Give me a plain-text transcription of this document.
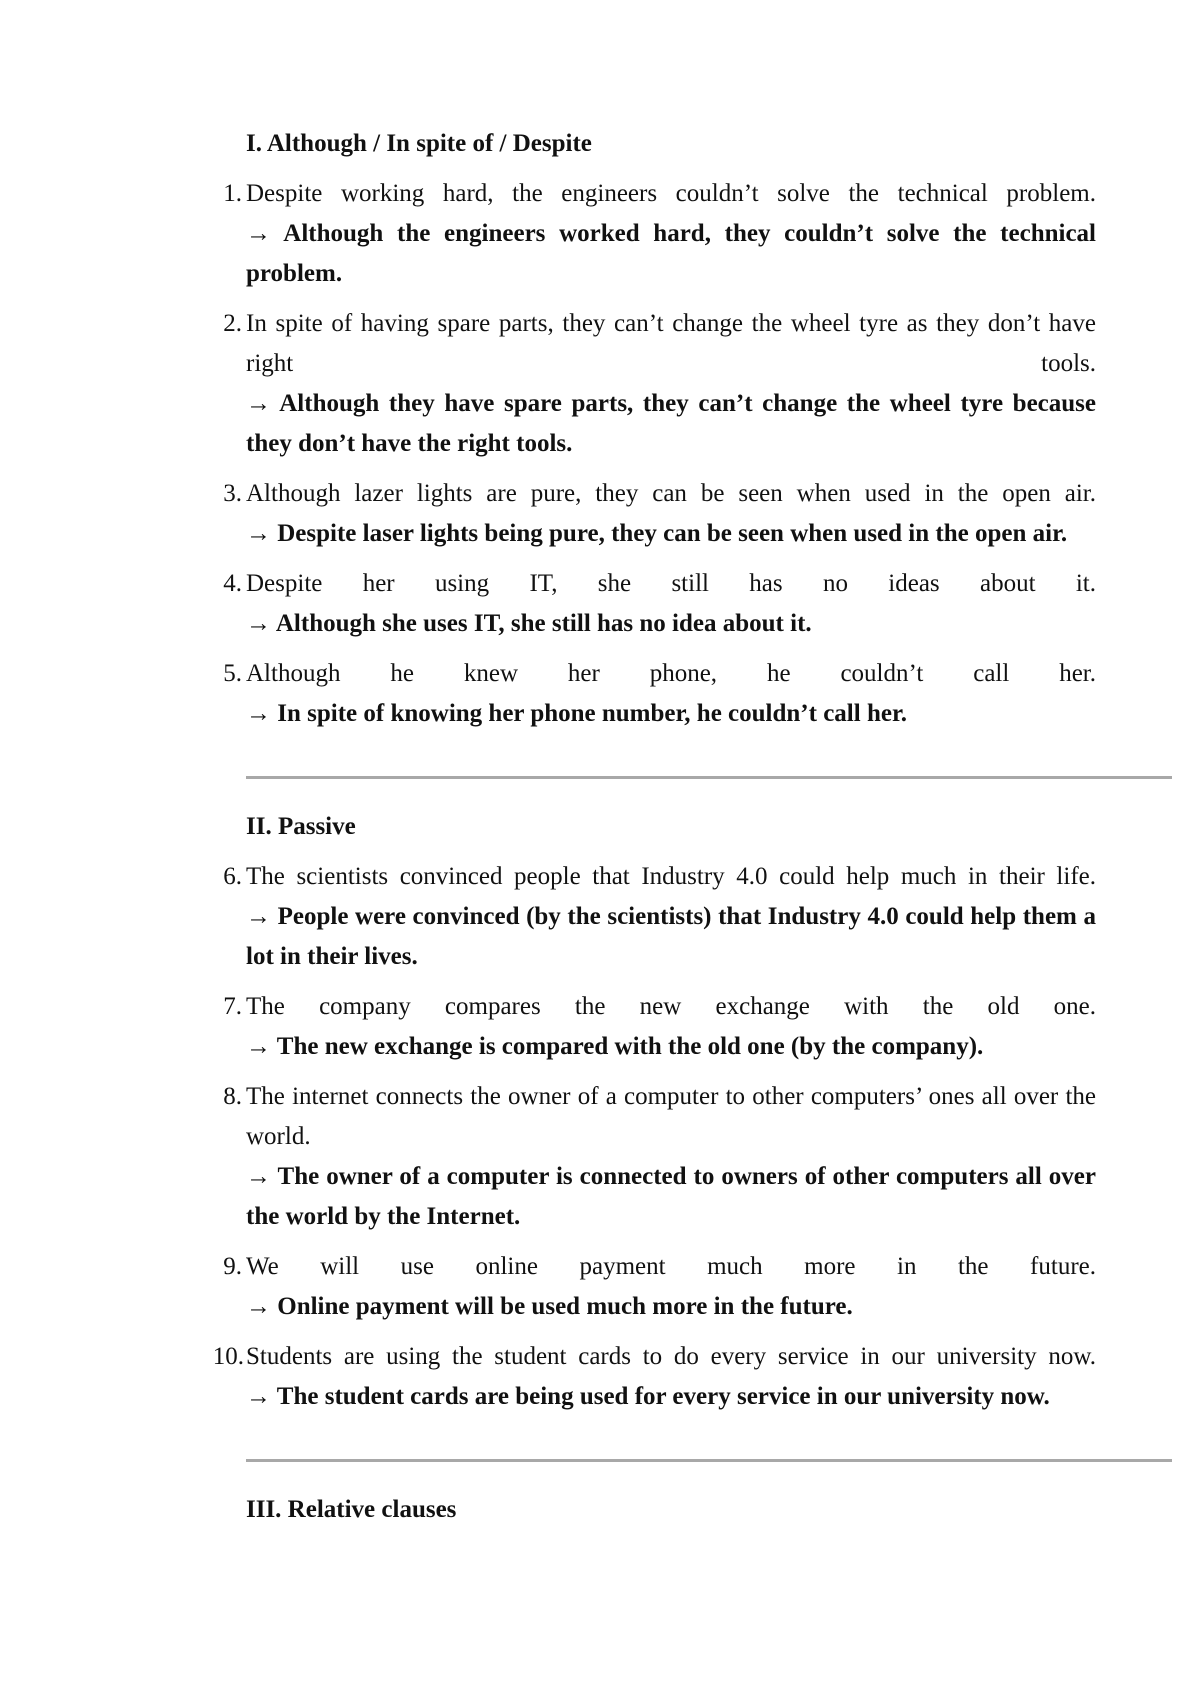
I. Although / In spite of / Despite

1. Despite working hard, the engineers couldn’t solve the technical problem.
→ Although the engineers worked hard, they couldn’t solve the technical problem.
2. In spite of having spare parts, they can’t change the wheel tyre as they don’t have right tools.
→ Although they have spare parts, they can’t change the wheel tyre because they don’t have the right tools.
3. Although lazer lights are pure, they can be seen when used in the open air.
→ Despite laser lights being pure, they can be seen when used in the open air.
4. Despite her using IT, she still has no ideas about it.
→ Although she uses IT, she still has no idea about it.
5. Although he knew her phone, he couldn’t call her.
→ In spite of knowing her phone number, he couldn’t call her.

II. Passive

6. The scientists convinced people that Industry 4.0 could help much in their life.
→ People were convinced (by the scientists) that Industry 4.0 could help them a lot in their lives.
7. The company compares the new exchange with the old one.
→ The new exchange is compared with the old one (by the company).
8. The internet connects the owner of a computer to other computers’ ones all over the world.
→ The owner of a computer is connected to owners of other computers all over the world by the Internet.
9. We will use online payment much more in the future.
→ Online payment will be used much more in the future.
10. Students are using the student cards to do every service in our university now.
→ The student cards are being used for every service in our university now.

III. Relative clauses
